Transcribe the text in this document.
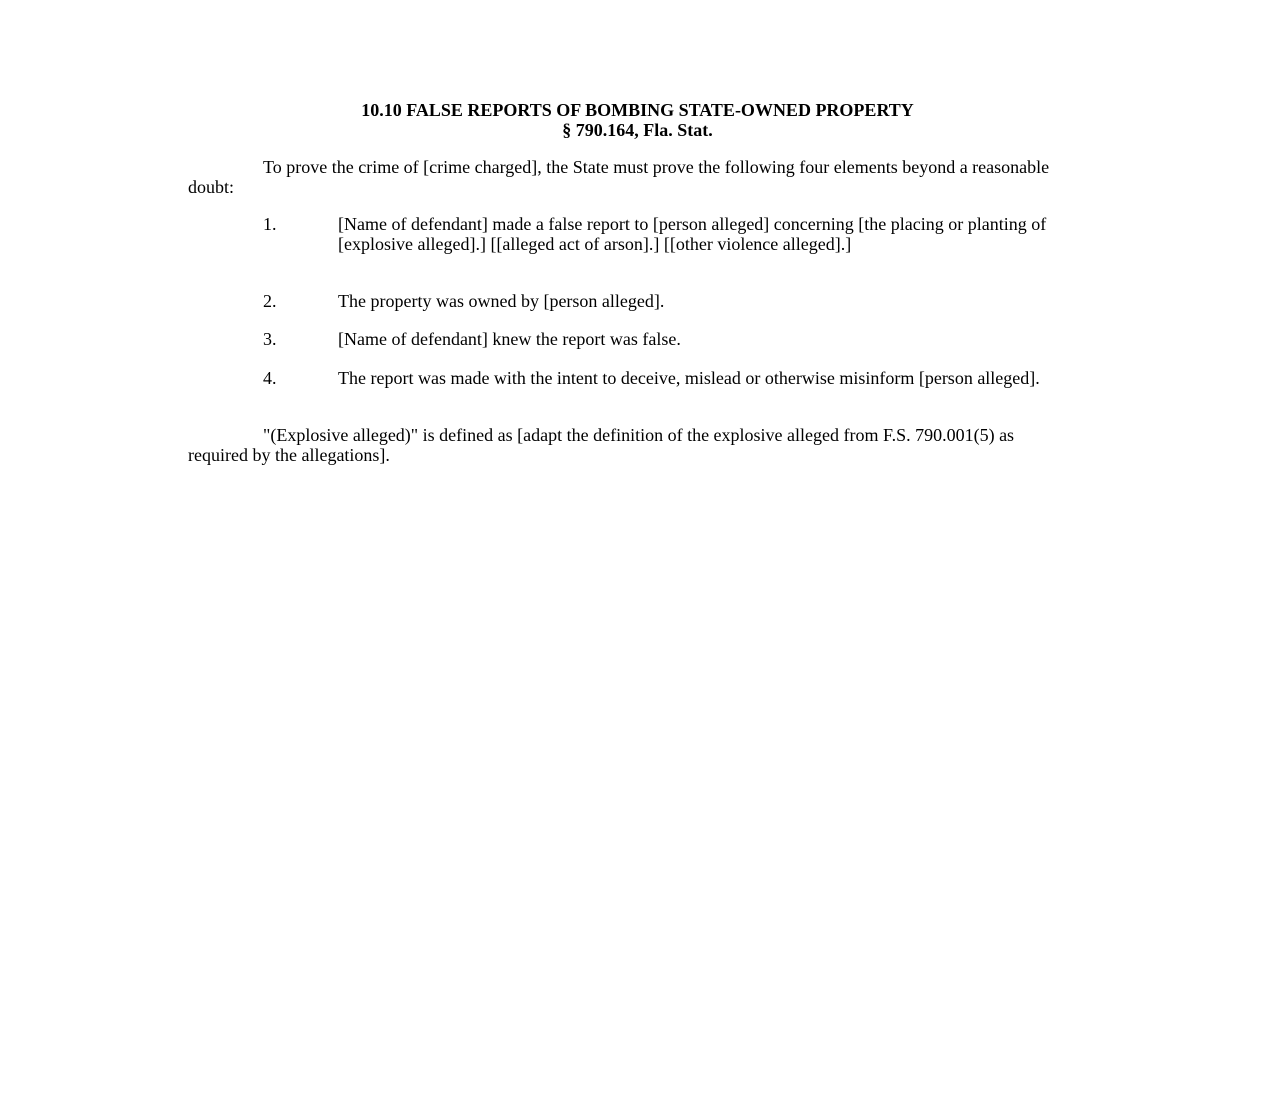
10.10 FALSE REPORTS OF BOMBING STATE-OWNED PROPERTY
§ 790.164, Fla. Stat.
To prove the crime of [crime charged], the State must prove the following four elements beyond a reasonable doubt:
1.	[Name of defendant] made a false report to [person alleged] concerning [the placing or planting of [explosive alleged].] [[alleged act of arson].] [[other violence alleged].]
2.	The property was owned by [person alleged].
3.	[Name of defendant] knew the report was false.
4.	The report was made with the intent to deceive, mislead or otherwise misinform [person alleged].
"(Explosive alleged)" is defined as [adapt the definition of the explosive alleged from F.S. 790.001(5) as required by the allegations].
